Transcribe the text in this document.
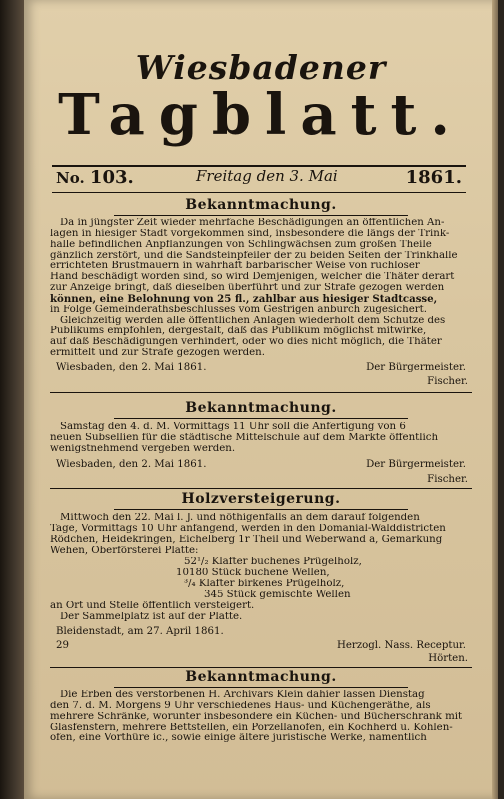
Wiesbadener
Tagblatt.
No. 103.	Freitag den 3. Mai	1861.
Bekanntmachung.
Da in jüngster Zeit wieder mehrfache Beschädigungen an öffentlichen An-
lagen in hiesiger Stadt vorgekommen sind, insbesondere die längs der Trink-
halle befindlichen Anpflanzungen von Schlingwächsen zum großen Theile
gänzlich zerstört, und die Sandsteinpfeiler der zu beiden Seiten der Trinkhalle
errichteten Brustmauern in wahrhaft barbarischer Weise von ruchloser
Hand beschädigt worden sind, so wird Demjenigen, welcher die Thäter derart
zur Anzeige bringt, daß dieselben überführt und zur Strafe gezogen werden
können, eine Belohnung von 25 fl., zahlbar aus hiesiger Stadtcasse,
in Folge Gemeinderathsbeschlusses vom Gestrigen anburch zugesichert.
Gleichzeitig werden alle öffentlichen Anlagen wiederholt dem Schutze des
Publikums empfohlen, dergestalt, daß das Publikum möglichst mitwirke,
auf daß Beschädigungen verhindert, oder wo dies nicht möglich, die Thäter
ermittelt und zur Strafe gezogen werden.
Wiesbaden, den 2. Mai 1861.	Der Bürgermeister.
Fischer.
Bekanntmachung.
Samstag den 4. d. M. Vormittags 11 Uhr soll die Anfertigung von 6
neuen Subsellien für die städtische Mittelschule auf dem Markte öffentlich
wenigstnehmend vergeben werden.
Wiesbaden, den 2. Mai 1861.	Der Bürgermeister.
Fischer.
Holzversteigerung.
Mittwoch den 22. Mai l. J. und nöthigenfalls an dem darauf folgenden
Tage, Vormittags 10 Uhr anfangend, werden in den Domanial-Walddistricten
Rödchen, Heidekringen, Eichelberg 1r Theil und Weberwand a, Gemarkung
Wehen, Oberförsterei Platte:
52¹/₂ Klafter buchenes Prügelholz,
10180 Stück buchene Wellen,
³/₄ Klafter birkenes Prügelholz,
345 Stück gemischte Wellen
an Ort und Stelle öffentlich versteigert.
Der Sammelplatz ist auf der Platte.
Bleidenstadt, am 27. April 1861.
29	Herzogl. Nass. Receptur.
Hörten.
Bekanntmachung.
Die Erben des verstorbenen H. Archivars Klein dahier lassen Dienstag
den 7. d. M. Morgens 9 Uhr verschiedenes Haus- und Küchengeräthe, als
mehrere Schränke, worunter insbesondere ein Küchen- und Bücherschrank mit
Glasfenstern, mehrere Bettstellen, ein Porzellanofen, ein Kochherd u. Kohlen-
ofen, eine Vorthüre ic., sowie einige ältere juristische Werke, namentlich
